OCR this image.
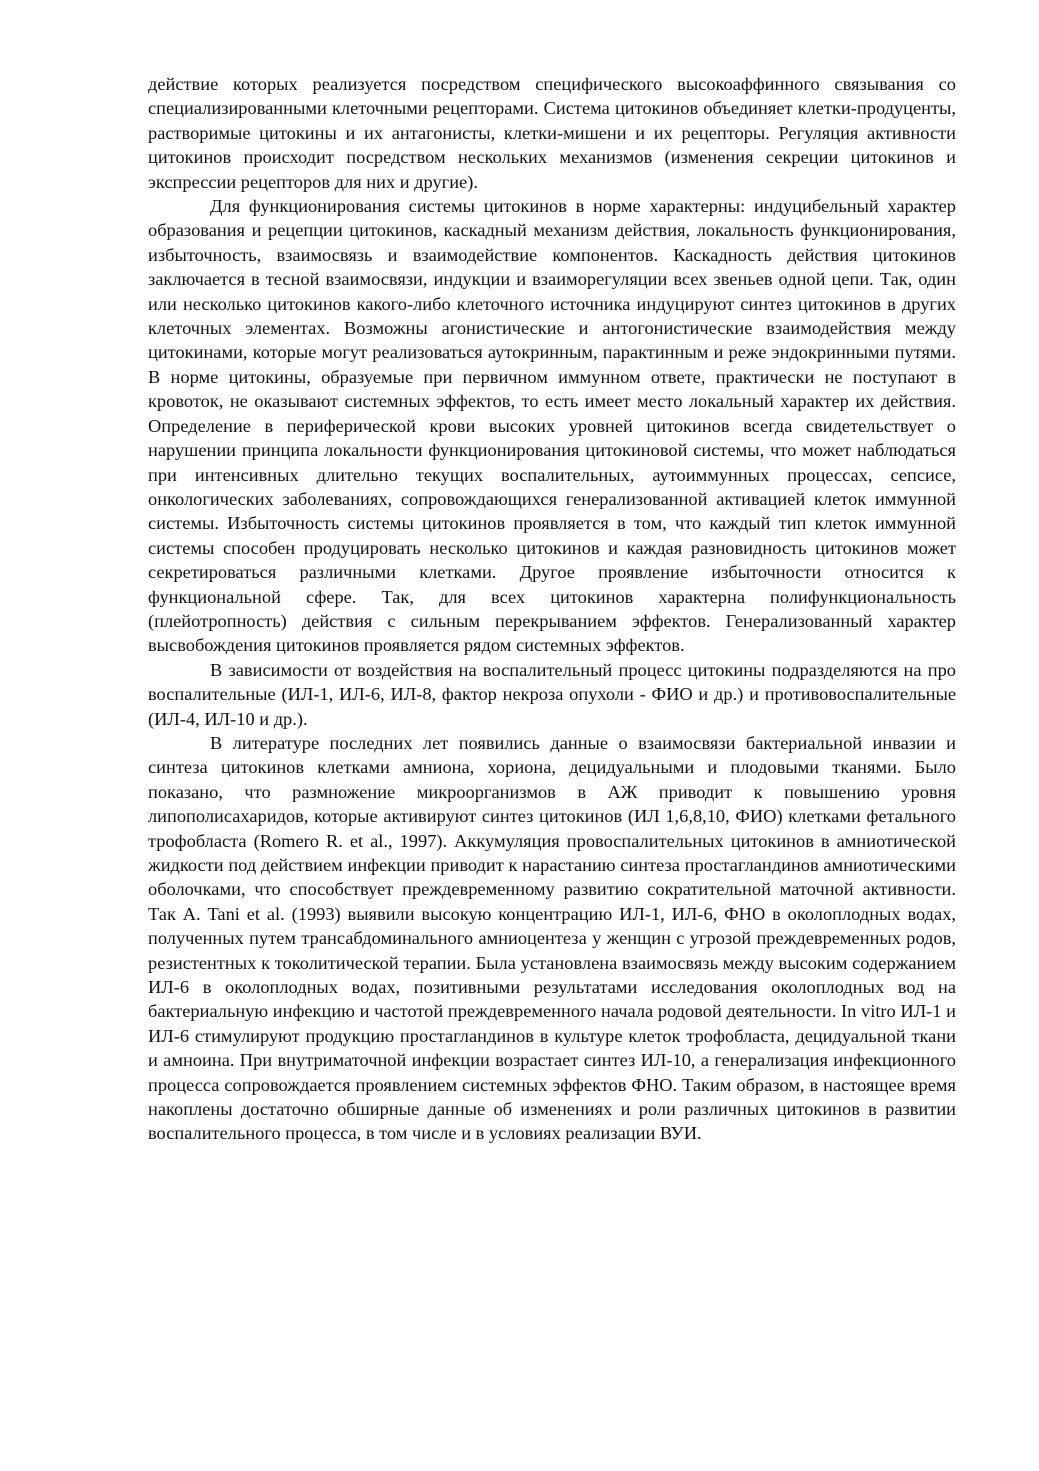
действие которых реализуется посредством специфического высокоаффинного связывания со специализированными клеточными рецепторами. Система цитокинов объединяет клетки-продуценты, растворимые цитокины и их антагонисты, клетки-мишени и их рецепторы. Регуляция активности цитокинов происходит посредством нескольких механизмов (изменения секреции цитокинов и экспрессии рецепторов для них и другие).

Для функционирования системы цитокинов в норме характерны: индуцибельный характер образования и рецепции цитокинов, каскадный механизм действия, локальность функционирования, избыточность, взаимосвязь и взаимодействие компонентов. Каскадность действия цитокинов заключается в тесной взаимосвязи, индукции и взаиморегуляции всех звеньев одной цепи. Так, один или несколько цитокинов какого-либо клеточного источника индуцируют синтез цитокинов в других клеточных элементах. Возможны агонистические и антогонистические взаимодействия между цитокинами, которые могут реализоваться аутокринным, парактинным и реже эндокринными путями. В норме цитокины, образуемые при первичном иммунном ответе, практически не поступают в кровоток, не оказывают системных эффектов, то есть имеет место локальный характер их действия. Определение в периферической крови высоких уровней цитокинов всегда свидетельствует о нарушении принципа локальности функционирования цитокиновой системы, что может наблюдаться при интенсивных длительно текущих воспалительных, аутоиммунных процессах, сепсисе, онкологических заболеваниях, сопровождающихся генерализованной активацией клеток иммунной системы. Избыточность системы цитокинов проявляется в том, что каждый тип клеток иммунной системы способен продуцировать несколько цитокинов и каждая разновидность цитокинов может секретироваться различными клетками. Другое проявление избыточности относится к функциональной сфере. Так, для всех цитокинов характерна полифункциональность (плейотропность) действия с сильным перекрыванием эффектов. Генерализованный характер высвобождения цитокинов проявляется рядом системных эффектов.

В зависимости от воздействия на воспалительный процесс цитокины подразделяются на про воспалительные (ИЛ-1, ИЛ-6, ИЛ-8, фактор некроза опухоли - ФИО и др.) и противовоспалительные (ИЛ-4, ИЛ-10 и др.).

В литературе последних лет появились данные о взаимосвязи бактериальной инвазии и синтеза цитокинов клетками амниона, хориона, децидуальными и плодовыми тканями. Было показано, что размножение микроорганизмов в АЖ приводит к повышению уровня липополисахаридов, которые активируют синтез цитокинов (ИЛ 1,6,8,10, ФИО) клетками фетального трофобласта (Romero R. et al., 1997). Аккумуляция провоспалительных цитокинов в амниотической жидкости под действием инфекции приводит к нарастанию синтеза простагландинов амниотическими оболочками, что способствует преждевременному развитию сократительной маточной активности. Так А. Tani et al. (1993) выявили высокую концентрацию ИЛ-1, ИЛ-6, ФНО в околоплодных водах, полученных путем трансабдоминального амниоцентеза у женщин с угрозой преждевременных родов, резистентных к токолитической терапии. Была установлена взаимосвязь между высоким содержанием ИЛ-6 в околоплодных водах, позитивными результатами исследования околоплодных вод на бактериальную инфекцию и частотой преждевременного начала родовой деятельности. In vitro ИЛ-1 и ИЛ-6 стимулируют продукцию простагландинов в культуре клеток трофобласта, децидуальной ткани и амноина. При внутриматочной инфекции возрастает синтез ИЛ-10, а генерализация инфекционного процесса сопровождается проявлением системных эффектов ФНО. Таким образом, в настоящее время накоплены достаточно обширные данные об изменениях и роли различных цитокинов в развитии воспалительного процесса, в том числе и в условиях реализации ВУИ.
